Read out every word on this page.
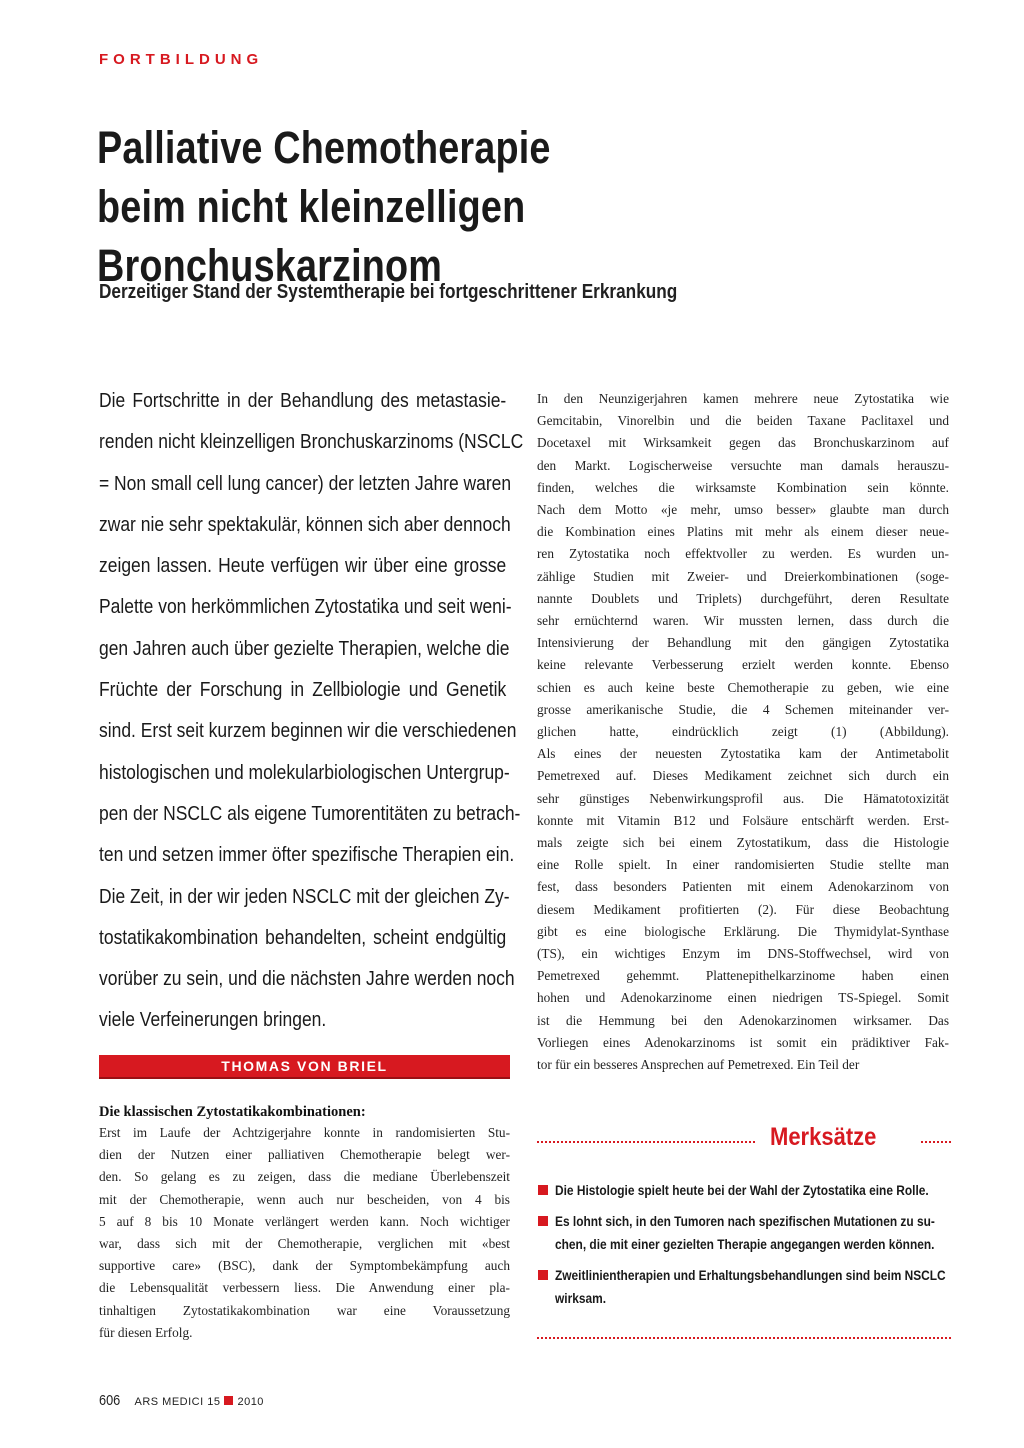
FORTBILDUNG
Palliative Chemotherapie
beim nicht kleinzelligen Bronchuskarzinom
Derzeitiger Stand der Systemtherapie bei fortgeschrittener Erkrankung
Die Fortschritte in der Behandlung des metastasie-
renden nicht kleinzelligen Bronchuskarzinoms (NSCLC
= Non small cell lung cancer) der letzten Jahre waren
zwar nie sehr spektakulär, können sich aber dennoch
zeigen lassen. Heute verfügen wir über eine grosse
Palette von herkömmlichen Zytostatika und seit weni-
gen Jahren auch über gezielte Therapien, welche die
Früchte der Forschung in Zellbiologie und Genetik
sind. Erst seit kurzem beginnen wir die verschiedenen
histologischen und molekularbiologischen Untergrup-
pen der NSCLC als eigene Tumorentitäten zu betrach-
ten und setzen immer öfter spezifische Therapien ein.
Die Zeit, in der wir jeden NSCLC mit der gleichen Zy-
tostatikakombination behandelten, scheint endgültig
vorüber zu sein, und die nächsten Jahre werden noch
viele Verfeinerungen bringen.
THOMAS VON BRIEL
Die klassischen Zytostatikakombinationen:
Erst im Laufe der Achtzigerjahre konnte in randomisierten Stu-
dien der Nutzen einer palliativen Chemotherapie belegt wer-
den. So gelang es zu zeigen, dass die mediane Überlebenszeit
mit der Chemotherapie, wenn auch nur bescheiden, von 4 bis
5 auf 8 bis 10 Monate verlängert werden kann. Noch wichtiger
war, dass sich mit der Chemotherapie, verglichen mit «best
supportive care» (BSC), dank der Symptombekämpfung auch
die Lebensqualität verbessern liess. Die Anwendung einer pla-
tinhaltigen Zytostatikakombination war eine Voraussetzung
für diesen Erfolg.
In den Neunzigerjahren kamen mehrere neue Zytostatika wie
Gemcitabin, Vinorelbin und die beiden Taxane Paclitaxel und
Docetaxel mit Wirksamkeit gegen das Bronchuskarzinom auf
den Markt. Logischerweise versuchte man damals herauszu-
finden, welches die wirksamste Kombination sein könnte.
Nach dem Motto «je mehr, umso besser» glaubte man durch
die Kombination eines Platins mit mehr als einem dieser neue-
ren Zytostatika noch effektvoller zu werden. Es wurden un-
zählige Studien mit Zweier- und Dreierkombinationen (soge-
nannte Doublets und Triplets) durchgeführt, deren Resultate
sehr ernüchternd waren. Wir mussten lernen, dass durch die
Intensivierung der Behandlung mit den gängigen Zytostatika
keine relevante Verbesserung erzielt werden konnte. Ebenso
schien es auch keine beste Chemotherapie zu geben, wie eine
grosse amerikanische Studie, die 4 Schemen miteinander ver-
glichen hatte, eindrücklich zeigt (1) (Abbildung).
Als eines der neuesten Zytostatika kam der Antimetabolit
Pemetrexed auf. Dieses Medikament zeichnet sich durch ein
sehr günstiges Nebenwirkungsprofil aus. Die Hämatotoxizität
konnte mit Vitamin B12 und Folsäure entschärft werden. Erst-
mals zeigte sich bei einem Zytostatikum, dass die Histologie
eine Rolle spielt. In einer randomisierten Studie stellte man
fest, dass besonders Patienten mit einem Adenokarzinom von
diesem Medikament profitierten (2). Für diese Beobachtung
gibt es eine biologische Erklärung. Die Thymidylat-Synthase
(TS), ein wichtiges Enzym im DNS-Stoffwechsel, wird von
Pemetrexed gehemmt. Plattenepithelkarzinome haben einen
hohen und Adenokarzinome einen niedrigen TS-Spiegel. Somit
ist die Hemmung bei den Adenokarzinomen wirksamer. Das
Vorliegen eines Adenokarzinoms ist somit ein prädiktiver Fak-
tor für ein besseres Ansprechen auf Pemetrexed. Ein Teil der
Merksätze
Die Histologie spielt heute bei der Wahl der Zytostatika eine Rolle.
Es lohnt sich, in den Tumoren nach spezifischen Mutationen zu su-
chen, die mit einer gezielten Therapie angegangen werden können.
Zweitlinientherapien und Erhaltungsbehandlungen sind beim NSCLC
wirksam.
606 ARS MEDICI 15 2010
